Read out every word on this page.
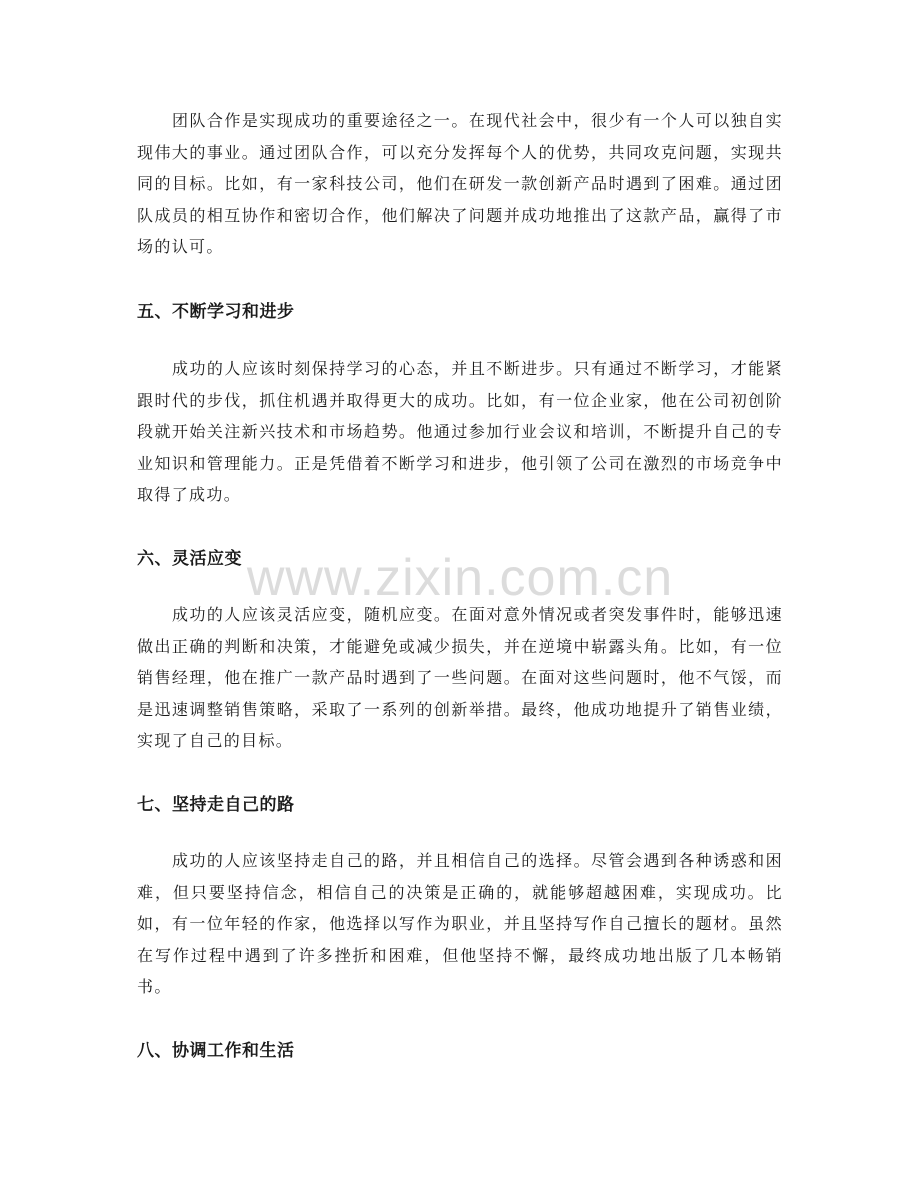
www.zixin.com.cn

团队合作是实现成功的重要途径之一。在现代社会中，很少有一个人可以独自实现伟大的事业。通过团队合作，可以充分发挥每个人的优势，共同攻克问题，实现共同的目标。比如，有一家科技公司，他们在研发一款创新产品时遇到了困难。通过团队成员的相互协作和密切合作，他们解决了问题并成功地推出了这款产品，赢得了市场的认可。

五、不断学习和进步

成功的人应该时刻保持学习的心态，并且不断进步。只有通过不断学习，才能紧跟时代的步伐，抓住机遇并取得更大的成功。比如，有一位企业家，他在公司初创阶段就开始关注新兴技术和市场趋势。他通过参加行业会议和培训，不断提升自己的专业知识和管理能力。正是凭借着不断学习和进步，他引领了公司在激烈的市场竞争中取得了成功。

六、灵活应变

成功的人应该灵活应变，随机应变。在面对意外情况或者突发事件时，能够迅速做出正确的判断和决策，才能避免或减少损失，并在逆境中崭露头角。比如，有一位销售经理，他在推广一款产品时遇到了一些问题。在面对这些问题时，他不气馁，而是迅速调整销售策略，采取了一系列的创新举措。最终，他成功地提升了销售业绩，实现了自己的目标。

七、坚持走自己的路

成功的人应该坚持走自己的路，并且相信自己的选择。尽管会遇到各种诱惑和困难，但只要坚持信念，相信自己的决策是正确的，就能够超越困难，实现成功。比如，有一位年轻的作家，他选择以写作为职业，并且坚持写作自己擅长的题材。虽然在写作过程中遇到了许多挫折和困难，但他坚持不懈，最终成功地出版了几本畅销书。

八、协调工作和生活
